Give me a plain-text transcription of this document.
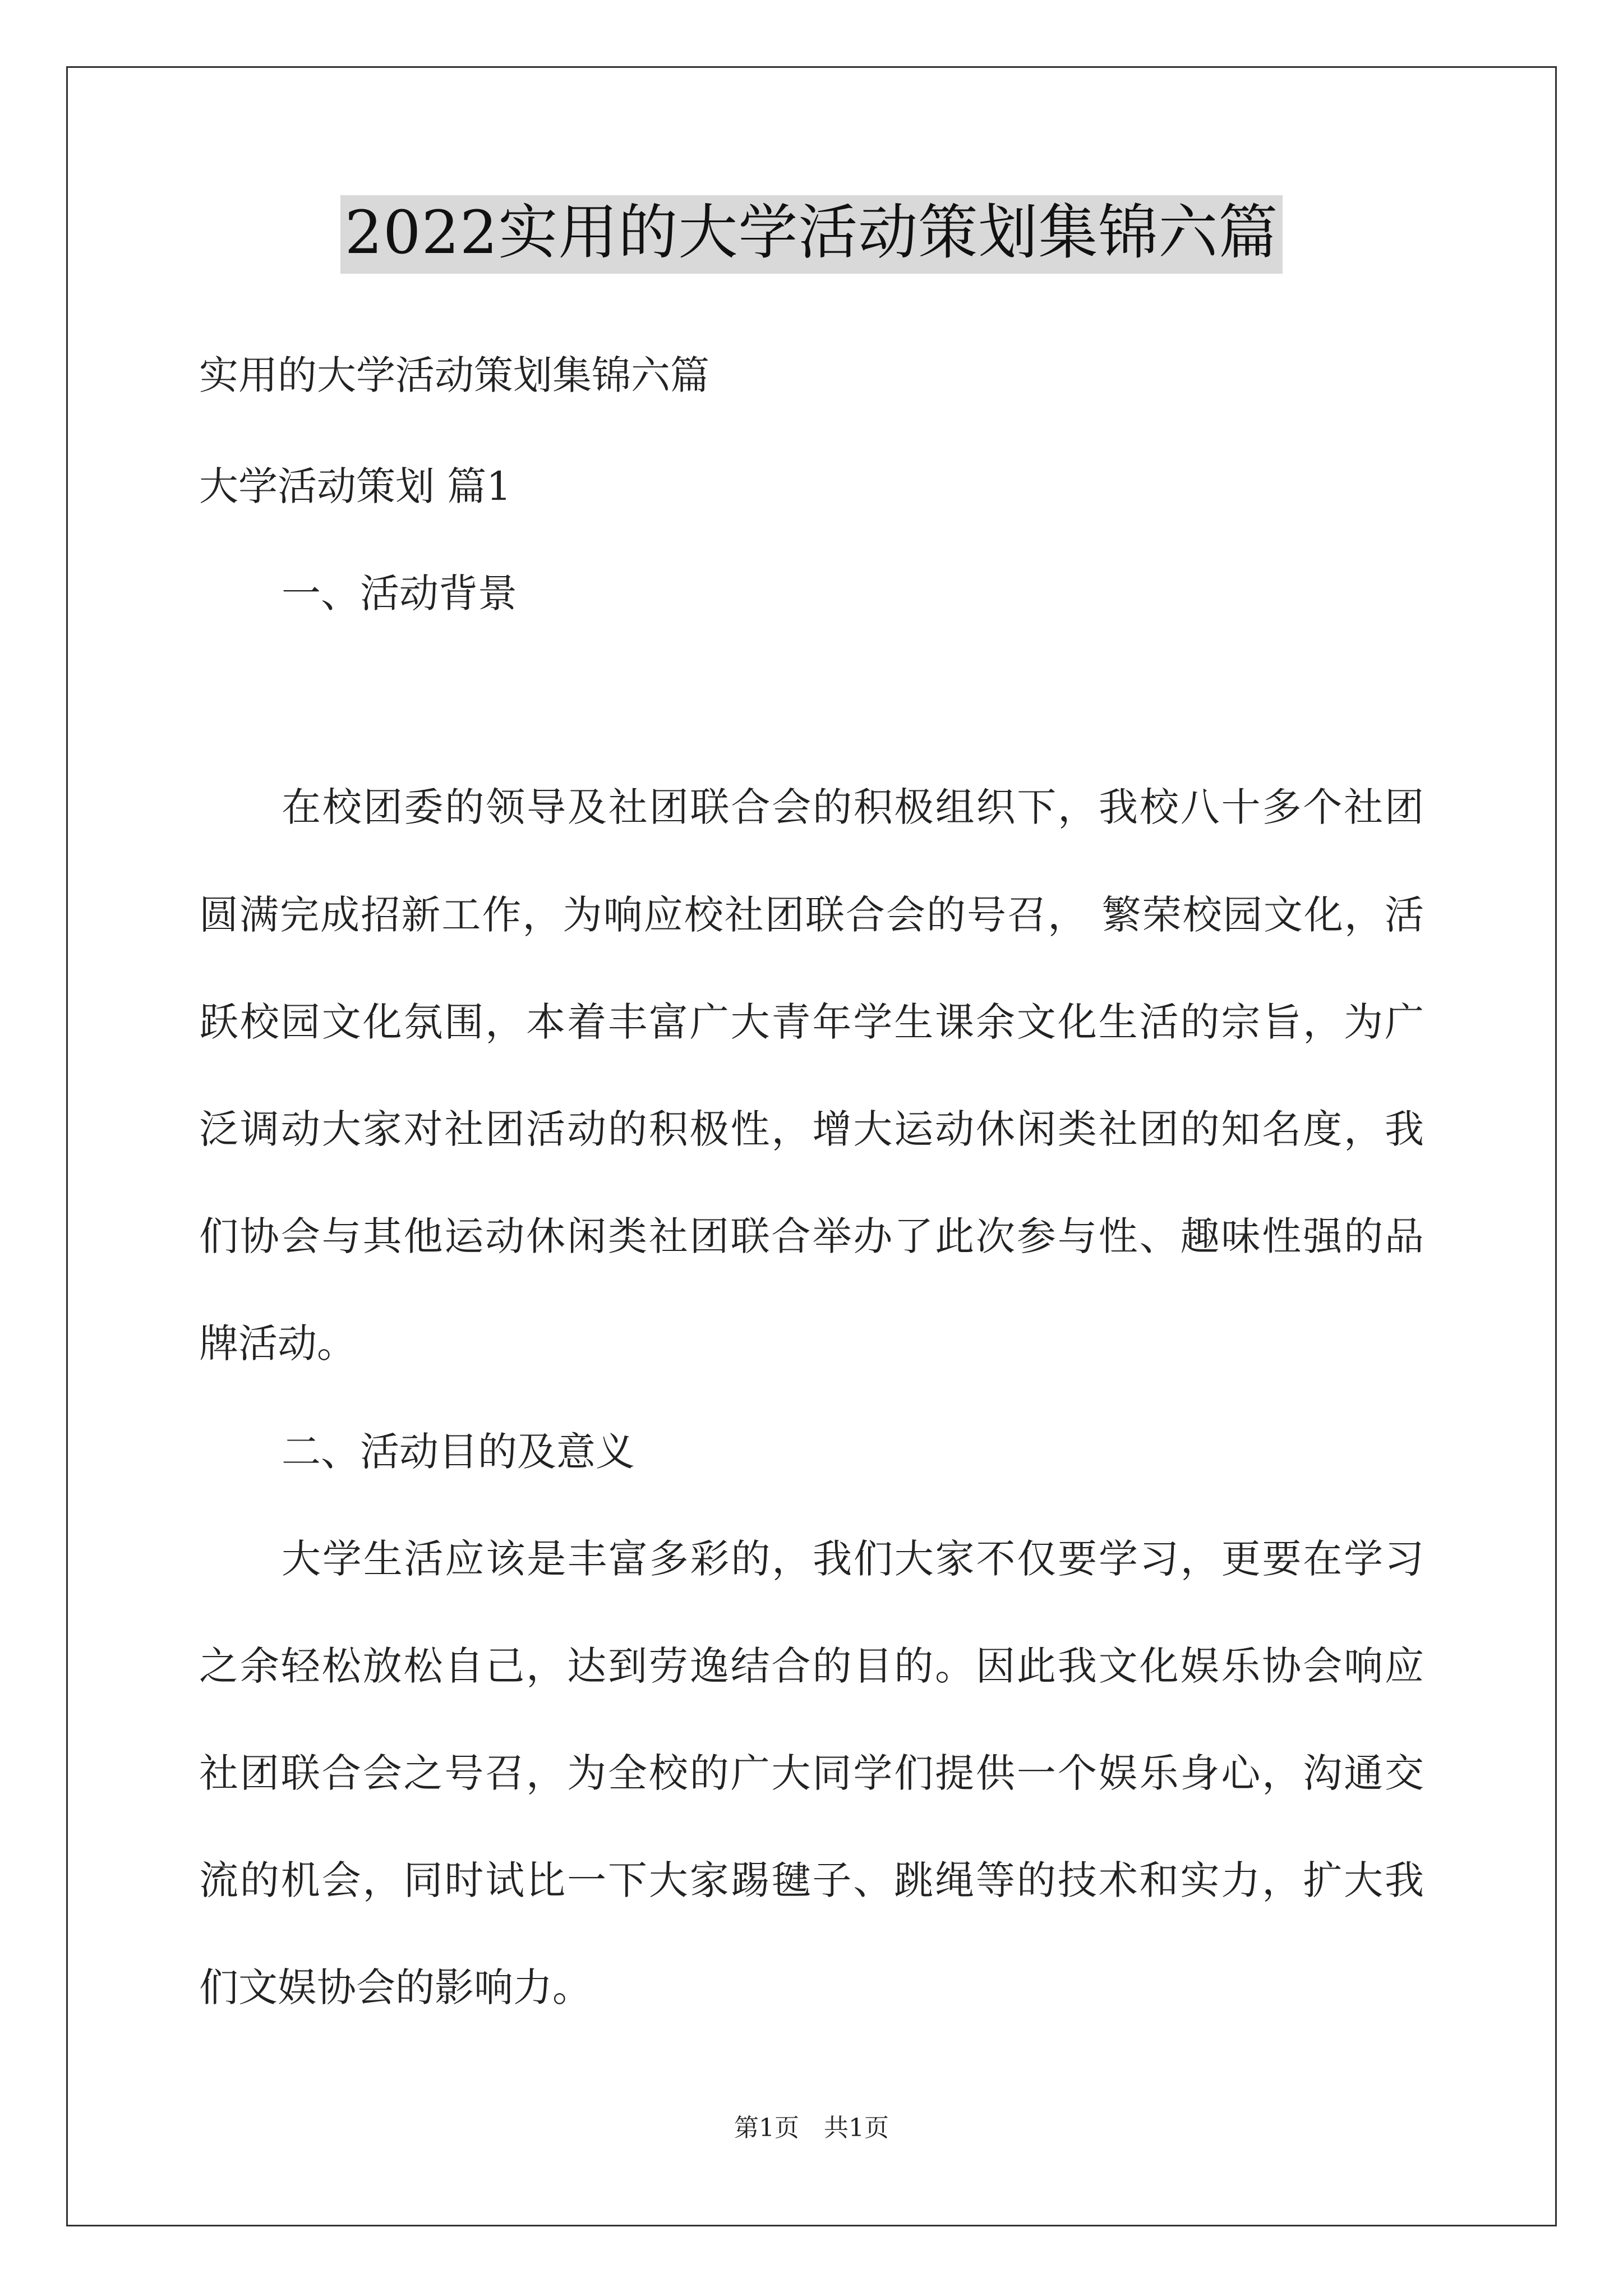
2022实用的大学活动策划集锦六篇
实用的大学活动策划集锦六篇
大学活动策划 篇1
一、活动背景
在校团委的领导及社团联合会的积极组织下，我校八十多个社团
圆满完成招新工作，为响应校社团联合会的号召， 繁荣校园文化，活
跃校园文化氛围，本着丰富广大青年学生课余文化生活的宗旨，为广
泛调动大家对社团活动的积极性，增大运动休闲类社团的知名度，我
们协会与其他运动休闲类社团联合举办了此次参与性、趣味性强的品
牌活动。
二、活动目的及意义
大学生活应该是丰富多彩的，我们大家不仅要学习，更要在学习
之余轻松放松自己，达到劳逸结合的目的。因此我文化娱乐协会响应
社团联合会之号召，为全校的广大同学们提供一个娱乐身心，沟通交
流的机会，同时试比一下大家踢毽子、跳绳等的技术和实力，扩大我
们文娱协会的影响力。
第1页　共1页
